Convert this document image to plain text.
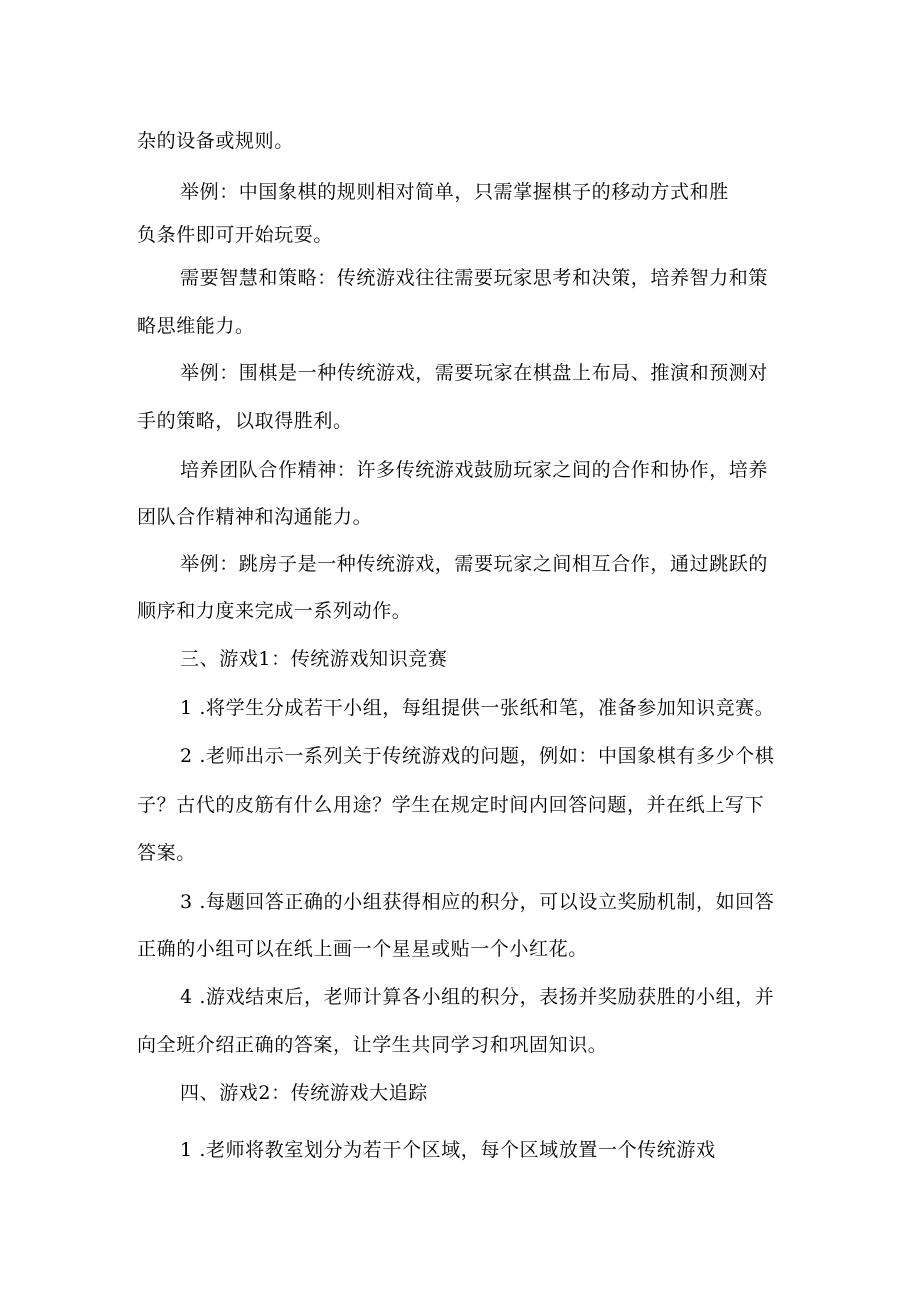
杂的设备或规则。
举例：中国象棋的规则相对简单，只需掌握棋子的移动方式和胜
负条件即可开始玩耍。
需要智慧和策略：传统游戏往往需要玩家思考和决策，培养智力和策
略思维能力。
举例：围棋是一种传统游戏，需要玩家在棋盘上布局、推演和预测对
手的策略，以取得胜利。
培养团队合作精神：许多传统游戏鼓励玩家之间的合作和协作，培养
团队合作精神和沟通能力。
举例：跳房子是一种传统游戏，需要玩家之间相互合作，通过跳跃的
顺序和力度来完成一系列动作。
三、游戏1：传统游戏知识竞赛
1 .将学生分成若干小组，每组提供一张纸和笔，准备参加知识竞赛。
2 .老师出示一系列关于传统游戏的问题，例如：中国象棋有多少个棋
子？古代的皮筋有什么用途？学生在规定时间内回答问题，并在纸上写下
答案。
3 .每题回答正确的小组获得相应的积分，可以设立奖励机制，如回答
正确的小组可以在纸上画一个星星或贴一个小红花。
4 .游戏结束后，老师计算各小组的积分，表扬并奖励获胜的小组，并
向全班介绍正确的答案，让学生共同学习和巩固知识。
四、游戏2：传统游戏大追踪
1 .老师将教室划分为若干个区域，每个区域放置一个传统游戏
